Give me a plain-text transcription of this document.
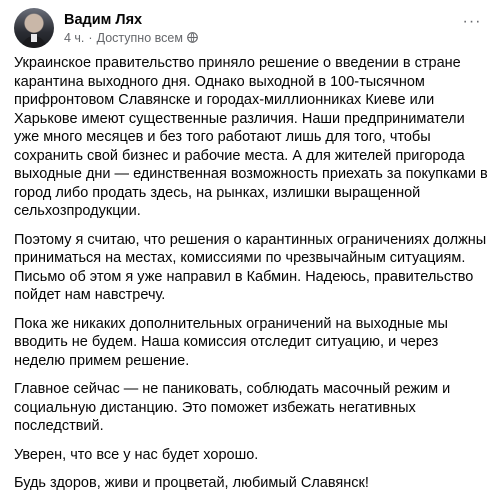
Вадим Лях
4 ч. · Доступно всем
···

Украинское правительство приняло решение о введении в стране карантина выходного дня. Однако выходной в 100-тысячном прифронтовом Славянске и городах-миллионниках Киеве или Харькове имеют существенные различия. Наши предприниматели уже много месяцев и без того работают лишь для того, чтобы сохранить свой бизнес и рабочие места. А для жителей пригорода выходные дни — единственная возможность приехать за покупками в город либо продать здесь, на рынках, излишки выращенной сельхозпродукции.

Поэтому я считаю, что решения о карантинных ограничениях должны приниматься на местах, комиссиями по чрезвычайным ситуациям. Письмо об этом я уже направил в Кабмин. Надеюсь, правительство пойдет нам навстречу.

Пока же никаких дополнительных ограничений на выходные мы вводить не будем. Наша комиссия отследит ситуацию, и через неделю примем решение.

Главное сейчас — не паниковать, соблюдать масочный режим и социальную дистанцию. Это поможет избежать негативных последствий.

Уверен, что все у нас будет хорошо.

Будь здоров, живи и процветай, любимый Славянск!
